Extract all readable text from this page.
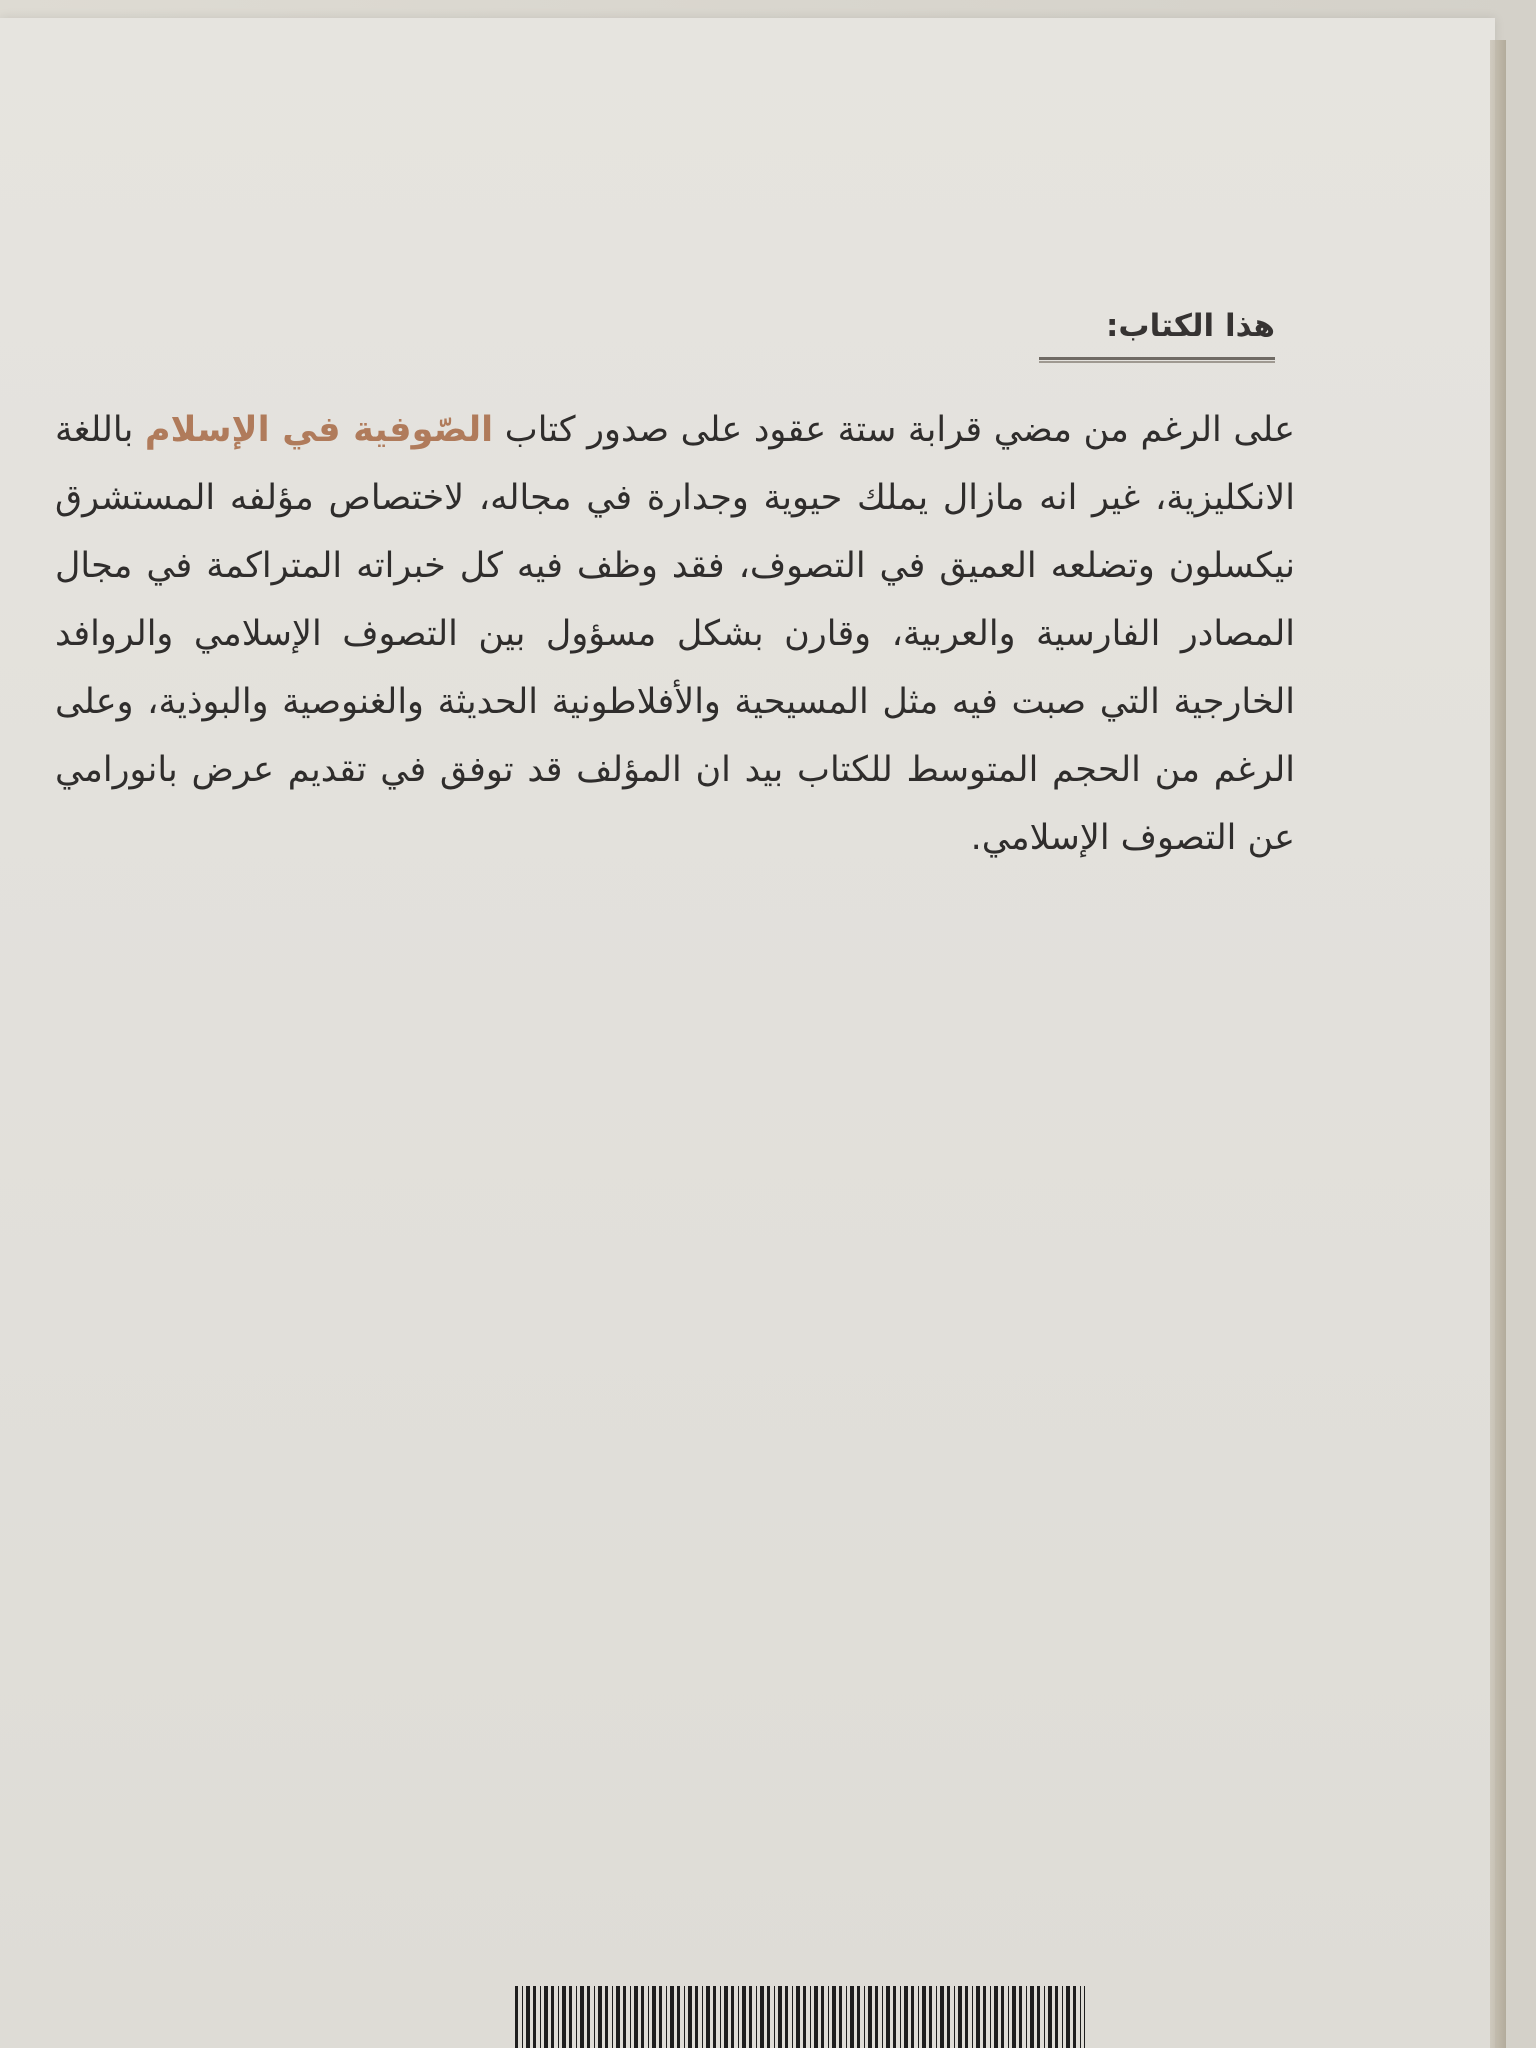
هذا الكتاب:
على الرغم من مضي قرابة ستة عقود على صدور كتاب الصّوفية في الإسلام باللغة الانكليزية، غير انه مازال يملك حيوية وجدارة في مجاله، لاختصاص مؤلفه المستشرق نيكسلون وتضلعه العميق في التصوف، فقد وظف فيه كل خبراته المتراكمة في مجال المصادر الفارسية والعربية، وقارن بشكل مسؤول بين التصوف الإسلامي والروافد الخارجية التي صبت فيه مثل المسيحية والأفلاطونية الحديثة والغنوصية والبوذية، وعلى الرغم من الحجم المتوسط للكتاب بيد ان المؤلف قد توفق في تقديم عرض بانورامي عن التصوف الإسلامي.
